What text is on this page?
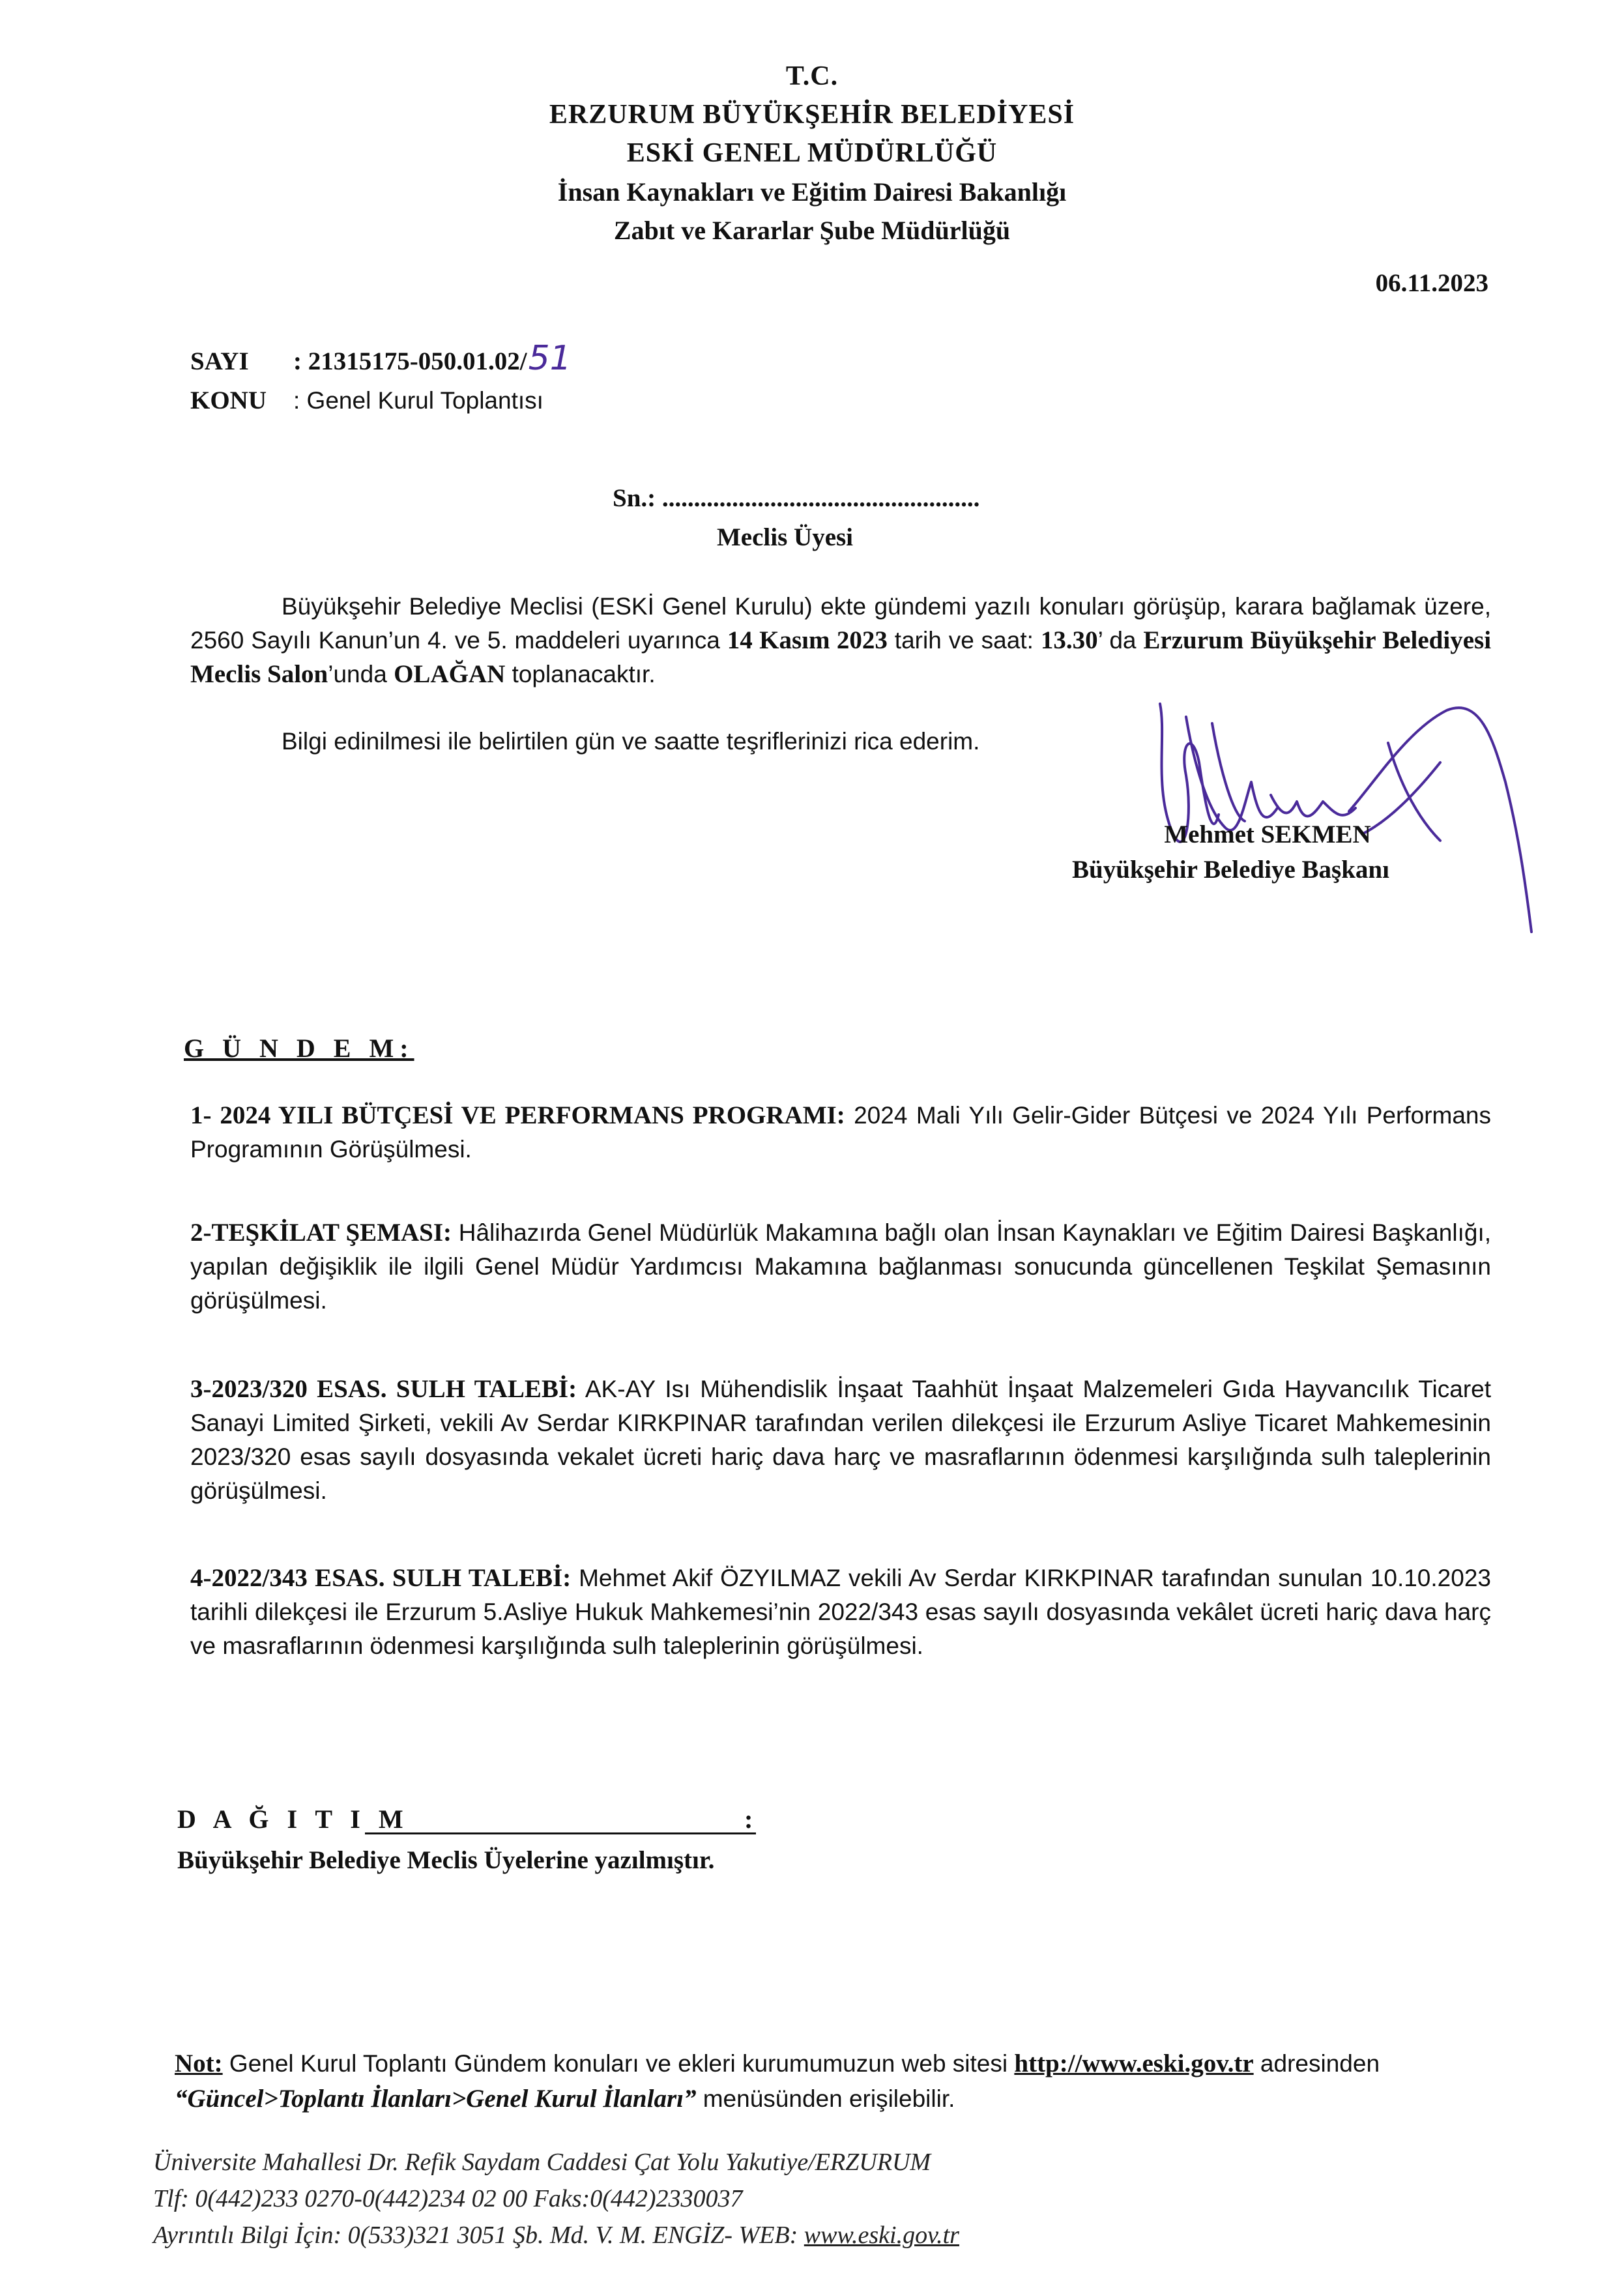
T.C.
ERZURUM BÜYÜKŞEHİR BELEDİYESİ
ESKİ GENEL MÜDÜRLÜĞÜ
İnsan Kaynakları ve Eğitim Dairesi Bakanlığı
Zabıt ve Kararlar Şube Müdürlüğü
06.11.2023
SAYI : 21315175-050.01.02/51
KONU : Genel Kurul Toplantısı
Sn.: ..................................................
Meclis Üyesi
Büyükşehir Belediye Meclisi (ESKİ Genel Kurulu) ekte gündemi yazılı konuları görüşüp, karara bağlamak üzere, 2560 Sayılı Kanun’un 4. ve 5. maddeleri uyarınca 14 Kasım 2023 tarih ve saat: 13.30’ da Erzurum Büyükşehir Belediyesi Meclis Salon’unda OLAĞAN toplanacaktır.
Bilgi edinilmesi ile belirtilen gün ve saatte teşriflerinizi rica ederim.
Mehmet SEKMEN
Büyükşehir Belediye Başkanı
G Ü N D E M:
1- 2024 YILI BÜTÇESİ VE PERFORMANS PROGRAMI: 2024 Mali Yılı Gelir-Gider Bütçesi ve 2024 Yılı Performans Programının Görüşülmesi.
2-TEŞKİLAT ŞEMASI: Hâlihazırda Genel Müdürlük Makamına bağlı olan İnsan Kaynakları ve Eğitim Dairesi Başkanlığı, yapılan değişiklik ile ilgili Genel Müdür Yardımcısı Makamına bağlanması sonucunda güncellenen Teşkilat Şemasının görüşülmesi.
3-2023/320 ESAS. SULH TALEBİ: AK-AY Isı Mühendislik İnşaat Taahhüt İnşaat Malzemeleri Gıda Hayvancılık Ticaret Sanayi Limited Şirketi, vekili Av Serdar KIRKPINAR tarafından verilen dilekçesi ile Erzurum Asliye Ticaret Mahkemesinin 2023/320 esas sayılı dosyasında vekalet ücreti hariç dava harç ve masraflarının ödenmesi karşılığında sulh taleplerinin görüşülmesi.
4-2022/343 ESAS. SULH TALEBİ: Mehmet Akif ÖZYILMAZ vekili Av Serdar KIRKPINAR tarafından sunulan 10.10.2023 tarihli dilekçesi ile Erzurum 5.Asliye Hukuk Mahkemesi’nin 2022/343 esas sayılı dosyasında vekâlet ücreti hariç dava harç ve masraflarının ödenmesi karşılığında sulh taleplerinin görüşülmesi.
D A Ğ I T I M	:
Büyükşehir Belediye Meclis Üyelerine yazılmıştır.
Not: Genel Kurul Toplantı Gündem konuları ve ekleri kurumumuzun web sitesi http://www.eski.gov.tr adresinden “Güncel>Toplantı İlanları>Genel Kurul İlanları” menüsünden erişilebilir.
Üniversite Mahallesi Dr. Refik Saydam Caddesi Çat Yolu Yakutiye/ERZURUM
Tlf: 0(442)233 0270-0(442)234 02 00 Faks:0(442)2330037
Ayrıntılı Bilgi İçin: 0(533)321 3051 Şb. Md. V. M. ENGİZ- WEB: www.eski.gov.tr
